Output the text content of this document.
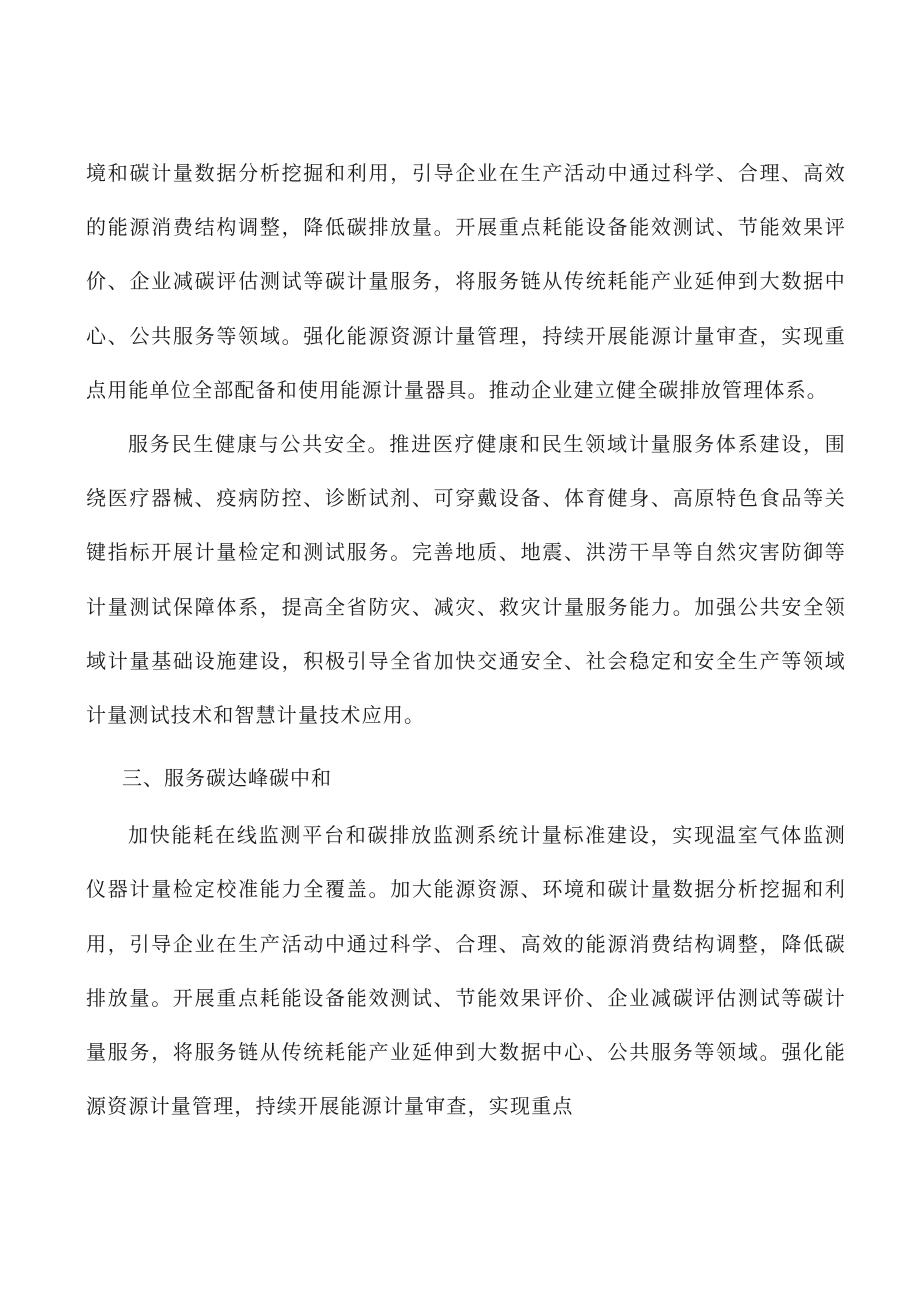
境和碳计量数据分析挖掘和利用，引导企业在生产活动中通过科学、合理、高效的能源消费结构调整，降低碳排放量。开展重点耗能设备能效测试、节能效果评价、企业减碳评估测试等碳计量服务，将服务链从传统耗能产业延伸到大数据中心、公共服务等领域。强化能源资源计量管理，持续开展能源计量审查，实现重点用能单位全部配备和使用能源计量器具。推动企业建立健全碳排放管理体系。

服务民生健康与公共安全。推进医疗健康和民生领域计量服务体系建设，围绕医疗器械、疫病防控、诊断试剂、可穿戴设备、体育健身、高原特色食品等关键指标开展计量检定和测试服务。完善地质、地震、洪涝干旱等自然灾害防御等计量测试保障体系，提高全省防灾、减灾、救灾计量服务能力。加强公共安全领域计量基础设施建设，积极引导全省加快交通安全、社会稳定和安全生产等领域计量测试技术和智慧计量技术应用。

三、服务碳达峰碳中和

加快能耗在线监测平台和碳排放监测系统计量标准建设，实现温室气体监测仪器计量检定校准能力全覆盖。加大能源资源、环境和碳计量数据分析挖掘和利用，引导企业在生产活动中通过科学、合理、高效的能源消费结构调整，降低碳排放量。开展重点耗能设备能效测试、节能效果评价、企业减碳评估测试等碳计量服务，将服务链从传统耗能产业延伸到大数据中心、公共服务等领域。强化能源资源计量管理，持续开展能源计量审查，实现重点
